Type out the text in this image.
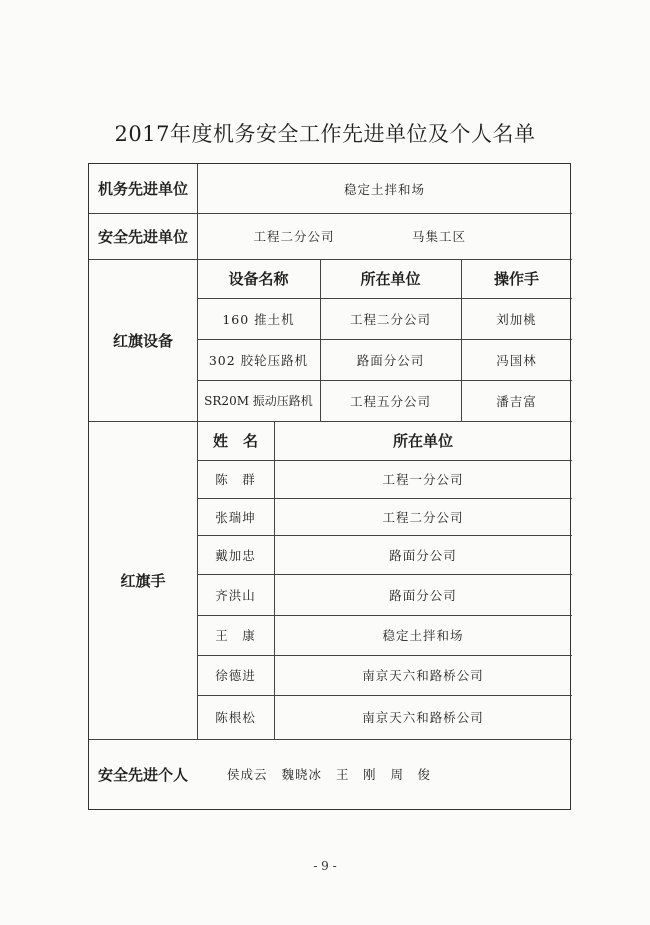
2017年度机务安全工作先进单位及个人名单
机务先进单位	稳定土拌和场
安全先进单位	工程二分公司	马集工区
红旗设备
设备名称	所在单位	操作手
160 推土机	工程二分公司	刘加桃
302 胶轮压路机	路面分公司	冯国林
SR20M 振动压路机	工程五分公司	潘吉富
红旗手
姓　名	所在单位
陈　群	工程一分公司
张瑞坤	工程二分公司
戴加忠	路面分公司
齐洪山	路面分公司
王　康	稳定土拌和场
徐德进	南京天六和路桥公司
陈根松	南京天六和路桥公司
安全先进个人	侯成云 魏晓冰 王　刚 周　俊
- 9 -
